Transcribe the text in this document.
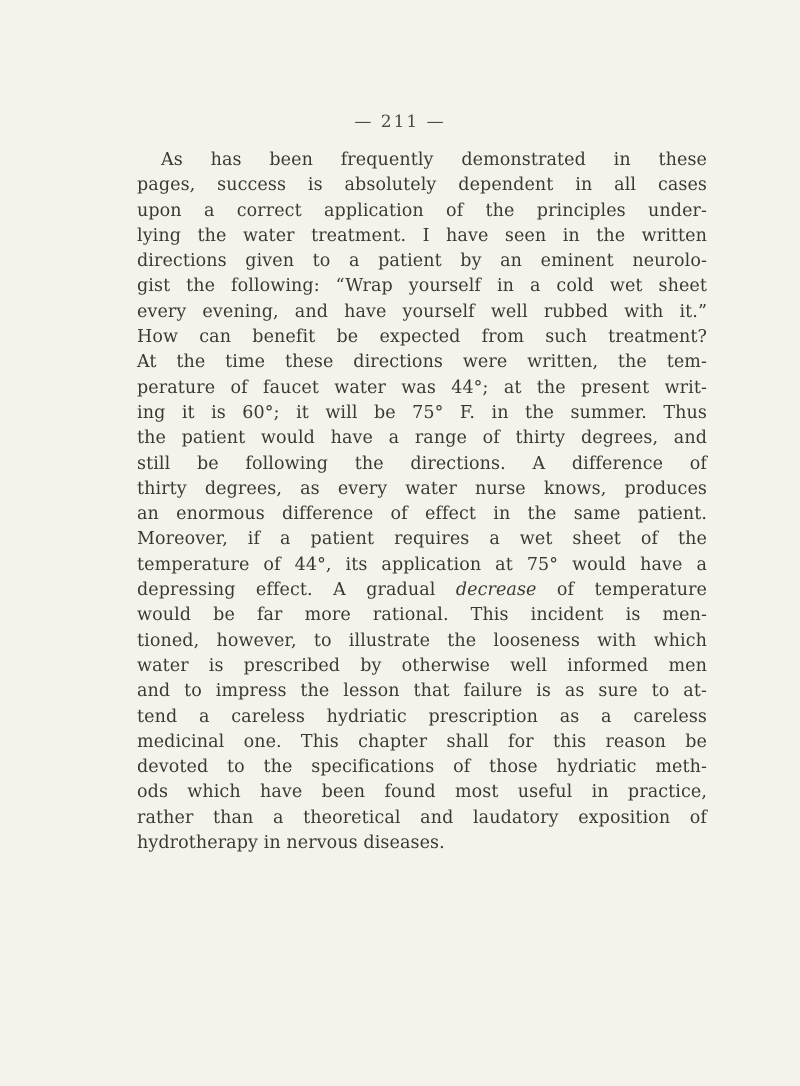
— 211 —
As has been frequently demonstrated in these
pages, success is absolutely dependent in all cases
upon a correct application of the principles under-
lying the water treatment. I have seen in the written
directions given to a patient by an eminent neurolo-
gist the following: “Wrap yourself in a cold wet sheet
every evening, and have yourself well rubbed with it.”
How can benefit be expected from such treatment?
At the time these directions were written, the tem-
perature of faucet water was 44°; at the present writ-
ing it is 60°; it will be 75° F. in the summer. Thus
the patient would have a range of thirty degrees, and
still be following the directions. A difference of
thirty degrees, as every water nurse knows, produces
an enormous difference of effect in the same patient.
Moreover, if a patient requires a wet sheet of the
temperature of 44°, its application at 75° would have a
depressing effect. A gradual decrease of temperature
would be far more rational. This incident is men-
tioned, however, to illustrate the looseness with which
water is prescribed by otherwise well informed men
and to impress the lesson that failure is as sure to at-
tend a careless hydriatic prescription as a careless
medicinal one. This chapter shall for this reason be
devoted to the specifications of those hydriatic meth-
ods which have been found most useful in practice,
rather than a theoretical and laudatory exposition of
hydrotherapy in nervous diseases.
